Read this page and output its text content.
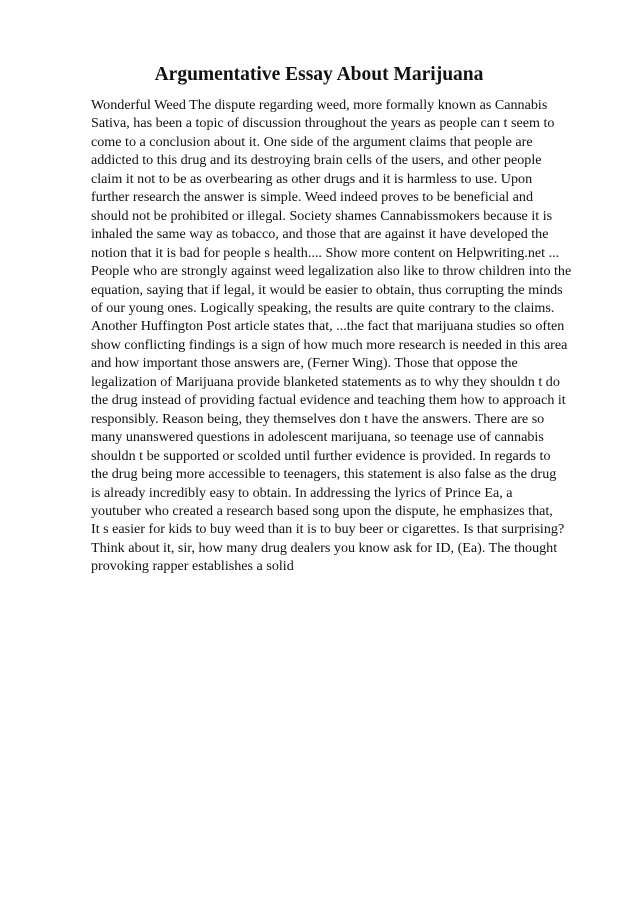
Argumentative Essay About Marijuana
Wonderful Weed The dispute regarding weed, more formally known as Cannabis
Sativa, has been a topic of discussion throughout the years as people can t seem to
come to a conclusion about it. One side of the argument claims that people are
addicted to this drug and its destroying brain cells of the users, and other people
claim it not to be as overbearing as other drugs and it is harmless to use. Upon
further research the answer is simple. Weed indeed proves to be beneficial and
should not be prohibited or illegal. Society shames Cannabissmokers because it is
inhaled the same way as tobacco, and those that are against it have developed the
notion that it is bad for people s health.... Show more content on Helpwriting.net ...
People who are strongly against weed legalization also like to throw children into the
equation, saying that if legal, it would be easier to obtain, thus corrupting the minds
of our young ones. Logically speaking, the results are quite contrary to the claims.
Another Huffington Post article states that, ...the fact that marijuana studies so often
show conflicting findings is a sign of how much more research is needed in this area
and how important those answers are, (Ferner Wing). Those that oppose the
legalization of Marijuana provide blanketed statements as to why they shouldn t do
the drug instead of providing factual evidence and teaching them how to approach it
responsibly. Reason being, they themselves don t have the answers. There are so
many unanswered questions in adolescent marijuana, so teenage use of cannabis
shouldn t be supported or scolded until further evidence is provided. In regards to
the drug being more accessible to teenagers, this statement is also false as the drug
is already incredibly easy to obtain. In addressing the lyrics of Prince Ea, a
youtuber who created a research based song upon the dispute, he emphasizes that,
It s easier for kids to buy weed than it is to buy beer or cigarettes. Is that surprising?
Think about it, sir, how many drug dealers you know ask for ID, (Ea). The thought
provoking rapper establishes a solid
